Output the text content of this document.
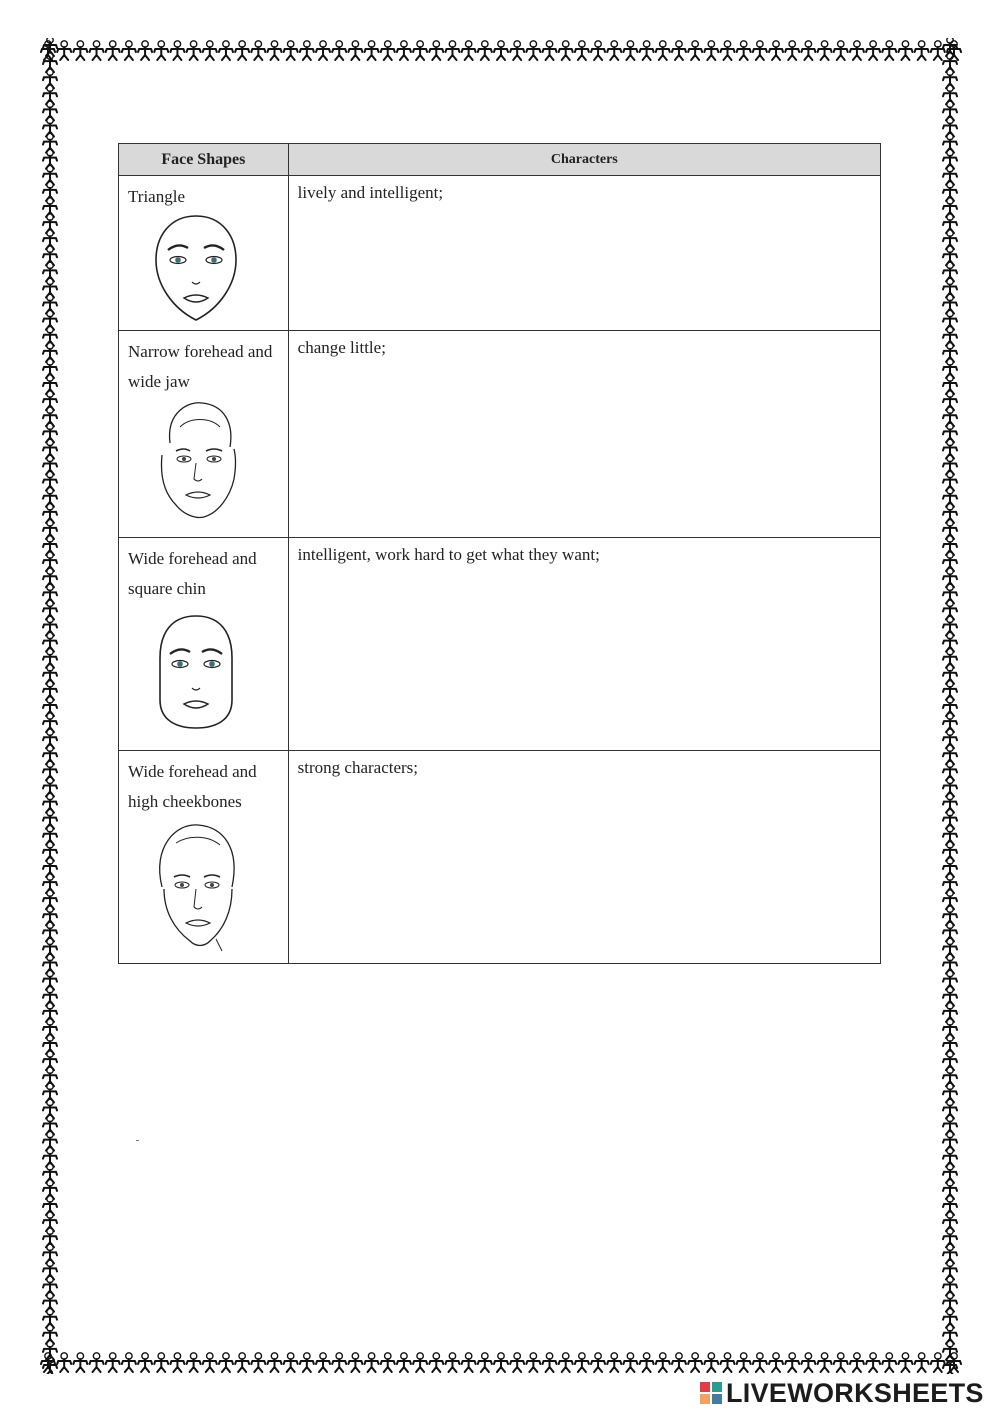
Face Shapes	Characters

Triangle	lively and intelligent;

Narrow forehead and wide jaw	change little;

Wide forehead and square chin	intelligent, work hard to get what they want;

Wide forehead and high cheekbones	strong characters;
LIVEWORKSHEETS
